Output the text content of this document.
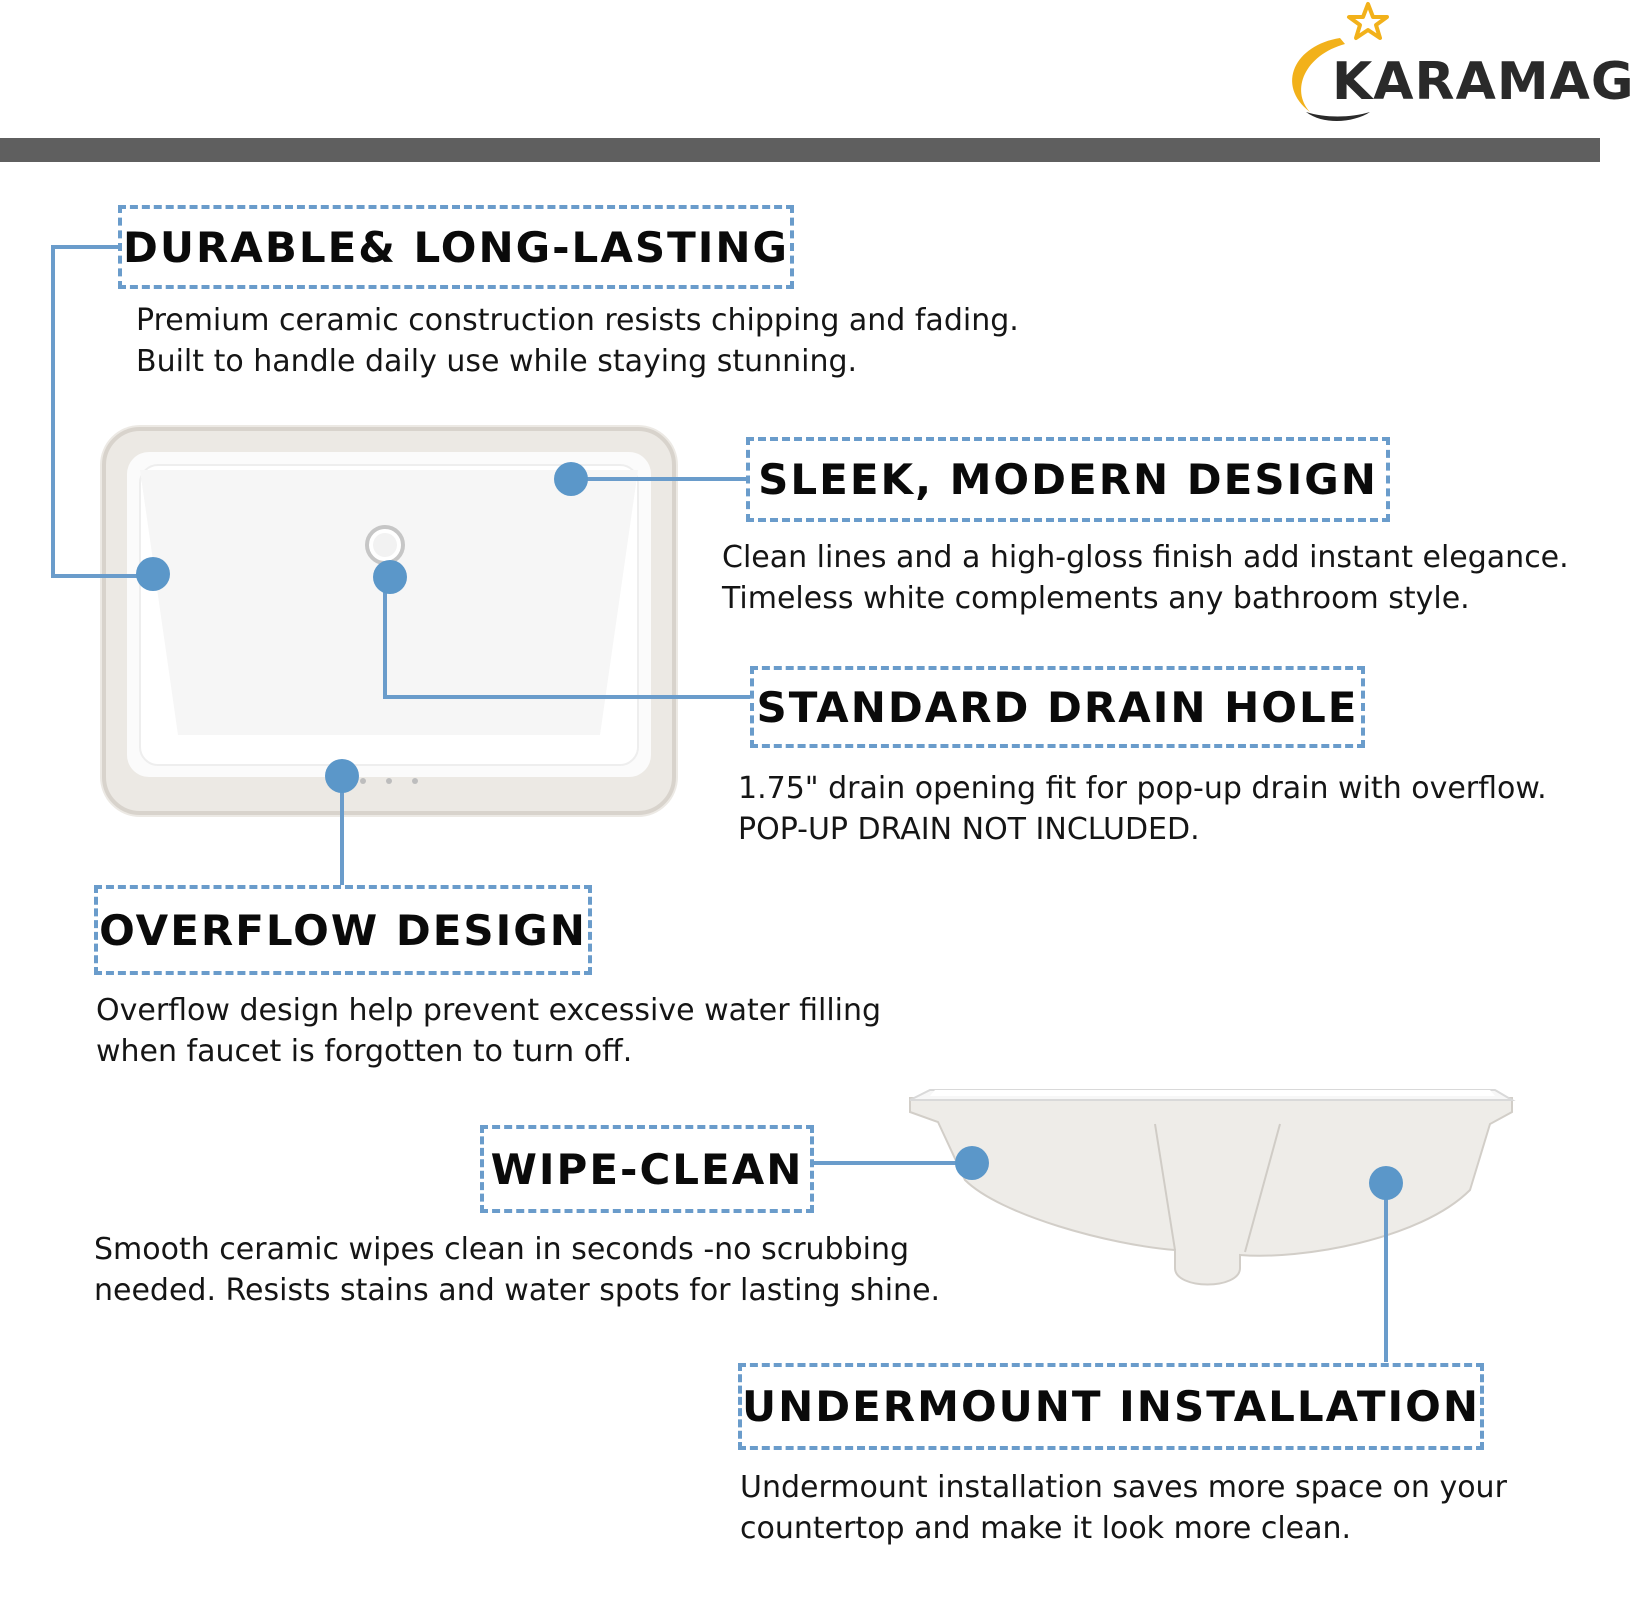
KARAMAG
DURABLE& LONG-LASTING
Premium ceramic construction resists chipping and fading.
Built to handle daily use while staying stunning.
SLEEK, MODERN DESIGN
Clean lines and a high-gloss finish add instant elegance.
Timeless white complements any bathroom style.
STANDARD DRAIN HOLE
1.75" drain opening fit for pop-up drain with overflow.
POP-UP DRAIN NOT INCLUDED.
OVERFLOW DESIGN
Overflow design help prevent excessive water filling
when faucet is forgotten to turn off.
WIPE-CLEAN
Smooth ceramic wipes clean in seconds -no scrubbing
needed. Resists stains and water spots for lasting shine.
UNDERMOUNT INSTALLATION
Undermount installation saves more space on your
countertop and make it look more clean.
